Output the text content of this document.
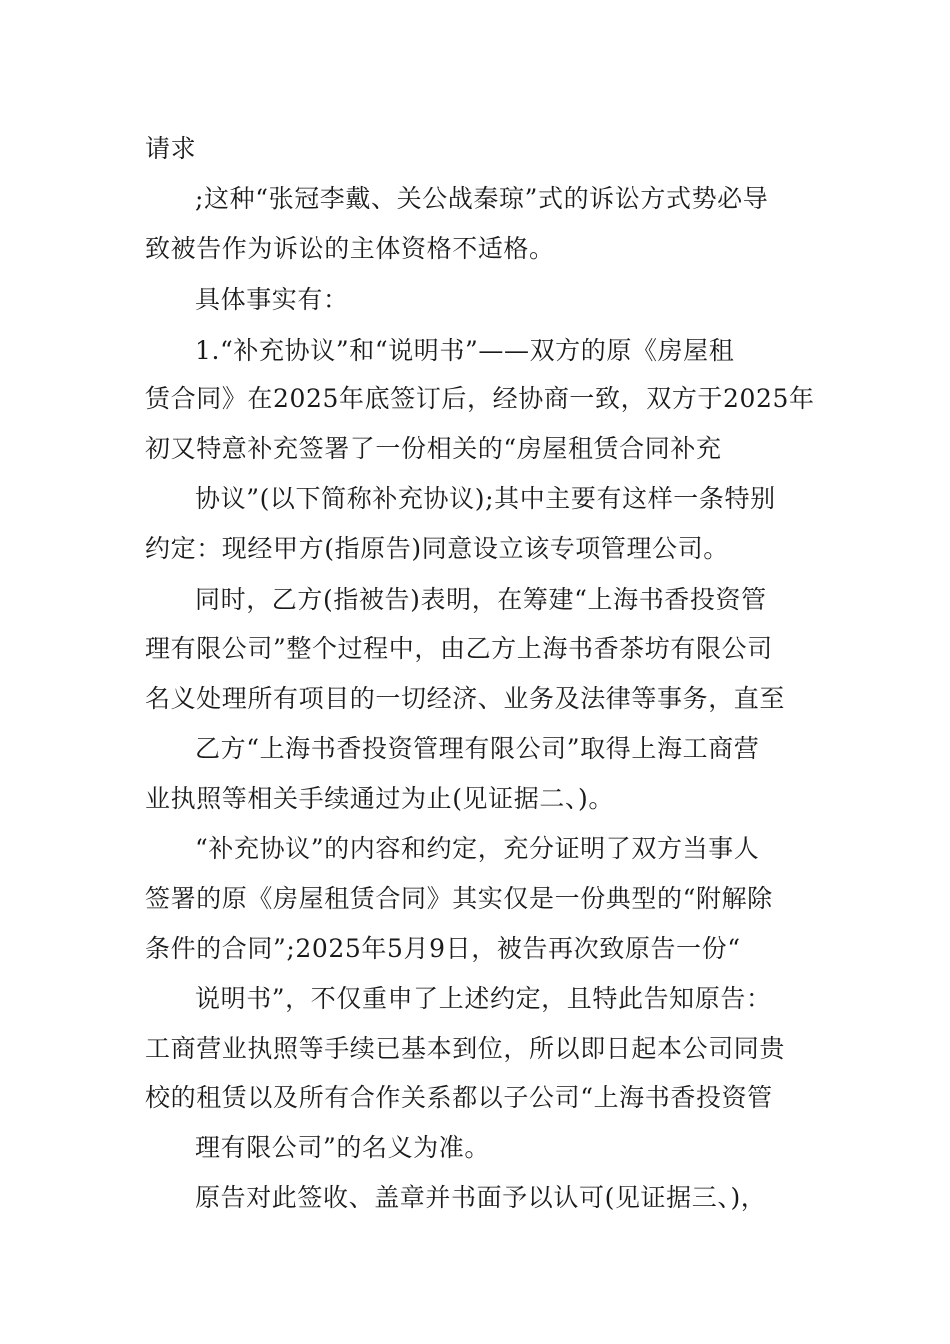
请求
;这种“张冠李戴、关公战秦琼”式的诉讼方式势必导
致被告作为诉讼的主体资格不适格。
具体事实有：
1.“补充协议”和“说明书”——双方的原《房屋租
赁合同》在2025年底签订后，经协商一致，双方于2025年
初又特意补充签署了一份相关的“房屋租赁合同补充
协议”(以下简称补充协议);其中主要有这样一条特别
约定：现经甲方(指原告)同意设立该专项管理公司。
同时，乙方(指被告)表明，在筹建“上海书香投资管
理有限公司”整个过程中，由乙方上海书香茶坊有限公司
名义处理所有项目的一切经济、业务及法律等事务，直至
乙方“上海书香投资管理有限公司”取得上海工商营
业执照等相关手续通过为止(见证据二、)。
“补充协议”的内容和约定，充分证明了双方当事人
签署的原《房屋租赁合同》其实仅是一份典型的“附解除
条件的合同”;2025年5月9日，被告再次致原告一份“
说明书”，不仅重申了上述约定，且特此告知原告：
工商营业执照等手续已基本到位，所以即日起本公司同贵
校的租赁以及所有合作关系都以子公司“上海书香投资管
理有限公司”的名义为准。
原告对此签收、盖章并书面予以认可(见证据三、)，
